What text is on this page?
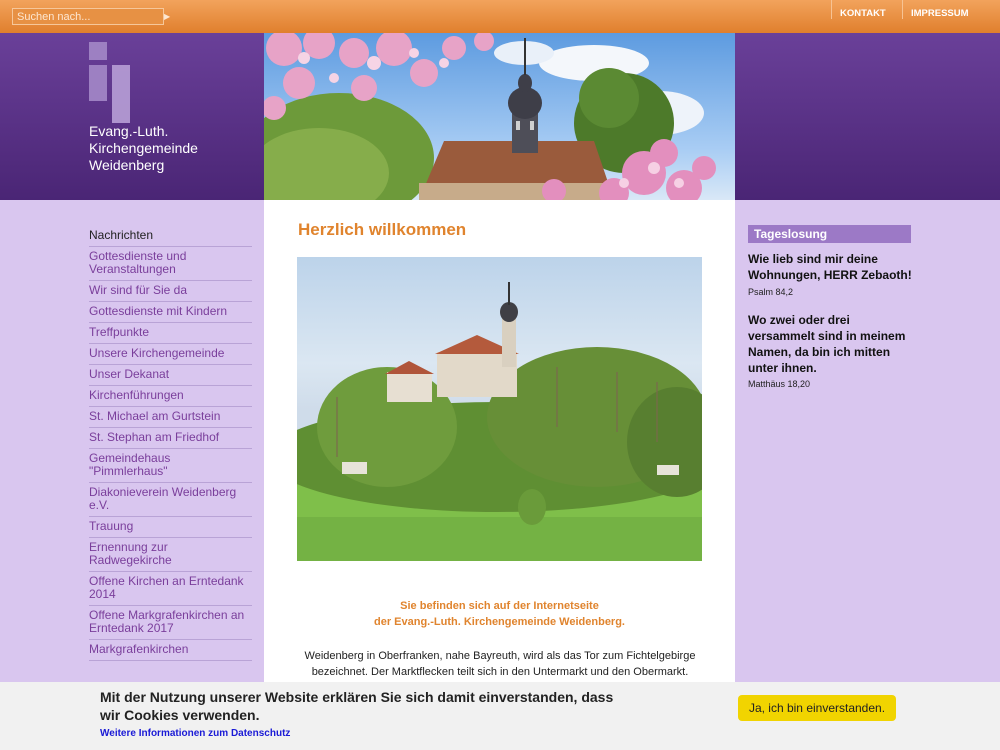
Suchen nach...
▶	KONTAKT	IMPRESSUM
Evang.-Luth.
Kirchengemeinde
Weidenberg
Nachrichten
Gottesdienste und Veranstaltungen
Wir sind für Sie da
Gottesdienste mit Kindern
Treffpunkte
Unsere Kirchengemeinde
Unser Dekanat
Kirchenführungen
St. Michael am Gurtstein
St. Stephan am Friedhof
Gemeindehaus "Pimmlerhaus"
Diakonieverein Weidenberg e.V.
Trauung
Ernennung zur Radwegekirche
Offene Kirchen an Erntedank 2014
Offene Markgrafenkirchen an Erntedank 2017
Markgrafenkirchen
Herzlich willkommen
Sie befinden sich auf der Internetseite
der Evang.-Luth. Kirchengemeinde Weidenberg.

Weidenberg in Oberfranken, nahe Bayreuth, wird als das Tor zum Fichtelgebirge bezeichnet. Der Marktflecken teilt sich in den Untermarkt und den Obermarkt.

Tageslosung
Wie lieb sind mir deine Wohnungen, HERR Zebaoth!
Psalm 84,2
Wo zwei oder drei versammelt sind in meinem Namen, da bin ich mitten unter ihnen.
Matthäus 18,20
Mit der Nutzung unserer Website erklären Sie sich damit einverstanden, dass wir Cookies verwenden.
Weitere Informationen zum Datenschutz
Ja, ich bin einverstanden.
